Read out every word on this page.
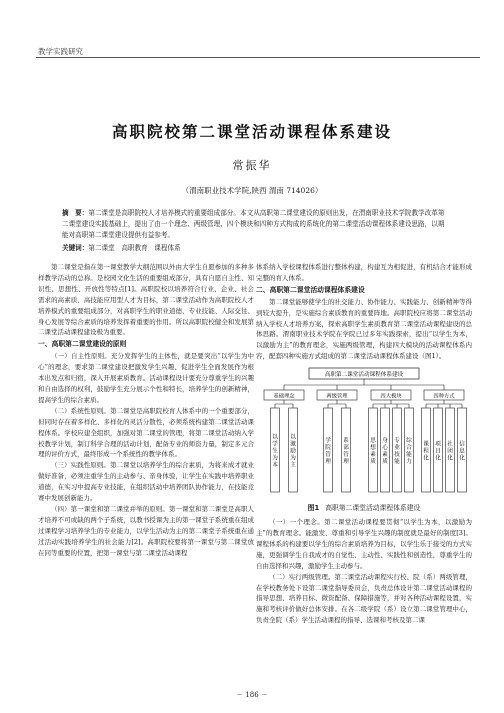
教学实践研究
高职院校第二课堂活动课程体系建设
常振华
（渭南职业技术学院,陕西 渭南 714026）
摘　要：第二课堂是高职院校人才培养模式的重要组成部分。本文从高职第二课堂建设的原则出发，在渭南职业技术学院教学改革第二课堂建设实践基础上，提出了由一个理念、两级管理、四个模块和四种方式构成的系统化的第二课堂活动课程体系建设思路，以期能对高职第二课堂建设提供有益参考。
关键词：第二课堂　高职教育　课程体系

第二课堂是指在第一课堂教学大纲范围以外由大学生自愿参加的多种多样教学活动的总称。是校园文化生活的重要组成部分，具有自愿自主性、知识性、思想性、开放性等特点[1]。高职院校以培养符合行业、企业、社会需求的高素质、高技能应用型人才为目标，第二课堂活动作为高职院校人才培养模式的重要组成部分，对高职学生的职业道德、专业技能、人际交往、身心发展等综合素质的培养发挥着重要的作用。所以高职院校健全和发展第二课堂活动课程建设极为重要。

一、高职第二课堂建设的原则

（一）自主性原则。充分发挥学生的主体性，就是要突出“以学生为中心”的理念，要求第二课堂建设把激发学生兴趣、促进学生全面发展作为根本出发点和归宿，深入开展素质教育。活动课程设计要充分尊重学生的兴趣和自由选择的权利，鼓励学生充分展示个性和特长，培养学生的创新精神，提高学生的综合素质。

（二）系统性原则。第二课堂是高职院校育人体系中的一个重要部分，但同时存在着多样化、多样化的灵活分散性，必须系统构建第二课堂活动课程体系。学校应建全组织，加强对第二课堂的管理，将第二课堂活动纳入学校教学计划，制订科学合理的活动计划，配备专业的师资力量，制定多元合理的评价方式，最终形成一个系统性的教学体系。

（三）实践性原则。第二课堂以培养学生的综合素质，为将来成才就业做好准备，必须注重学生的主动参与、亲身体验，让学生在实践中培养职业道德，在实习中提高专业技能，在组织活动中培养团队协作能力，在技能竞赛中发展创新能力。

（四）第一课堂和第二课堂并举的原则。第一课堂和第二课堂是高职人才培养不可或缺的两个子系统，以教书授课为主的第一课堂子系统重在组成过课程学习培养学生的专业能力，以学生活动为主的第二课堂子系统重在通过活动实践培养学生的社会能力[2]。高职院校要将第一课堂与第二课堂放在同等重要的位置，把第一课堂与第二课堂活动课程

体系纳入学校课程体系进行整体构建，构建互为相促进，有机结合才能形成完整的育人体系。

二、高职第二课堂活动课程体系建设

第二课堂能够使学生的社交能力、协作能力、实践能力、创新精神等得到较大提升，是实施综合素质教育的重要阵地。高职院校应将第二课堂活动纳入学校人才培养方案，探索高职学生素质教育第二课堂活动课程建设的总体思路。渭南职业技术学院在学院已过多年实践探索，提出“以学生为本，以激励为主”的教育理念，实施两级管理，构建四大模块的活动课程体系内容，配套四种实施方式组成的第二课堂活动课程体系建设（图1）。

高职第二课堂活动课程体系建设
基础理念	两级管理	四大模块	四种方式
以学生为本
以激励为主
学院管理
系部管理
思想素质
身心素质
专业技能
综合能力
课程化
项目化
社团化
信息化
图1 高职第二课堂活动课程体系建设

（一）一个理念。第二课堂活动课程要贯彻“以学生为本，以激励为主”的教育理念。能激发、尊重和引导学生兴趣的制度就是最好的制度[3]。课程体系的构建要以学生的综合素质培养为目标，以学生乐于接受的方式实施，更强调学生自我成才的自觉性、主动性、实践性和创造性，尊重学生的自由选择和兴趣，激励学生主动参与。

（二）实行两级管理。第二课堂活动课程实行校、院（系）两级管理，在学校教务处下设第二课堂指导委员会，负责总体设计第二课堂活动课程的指导思想、培养目标、微资配备、保障措施等，并对各种活动课程设置，实施和考核评价做好总体安排。在各二级学院（系）设立第二课堂管理中心，负责全院（系）学生活动课程的指导、选课和考核及第二课

－ 186 －
